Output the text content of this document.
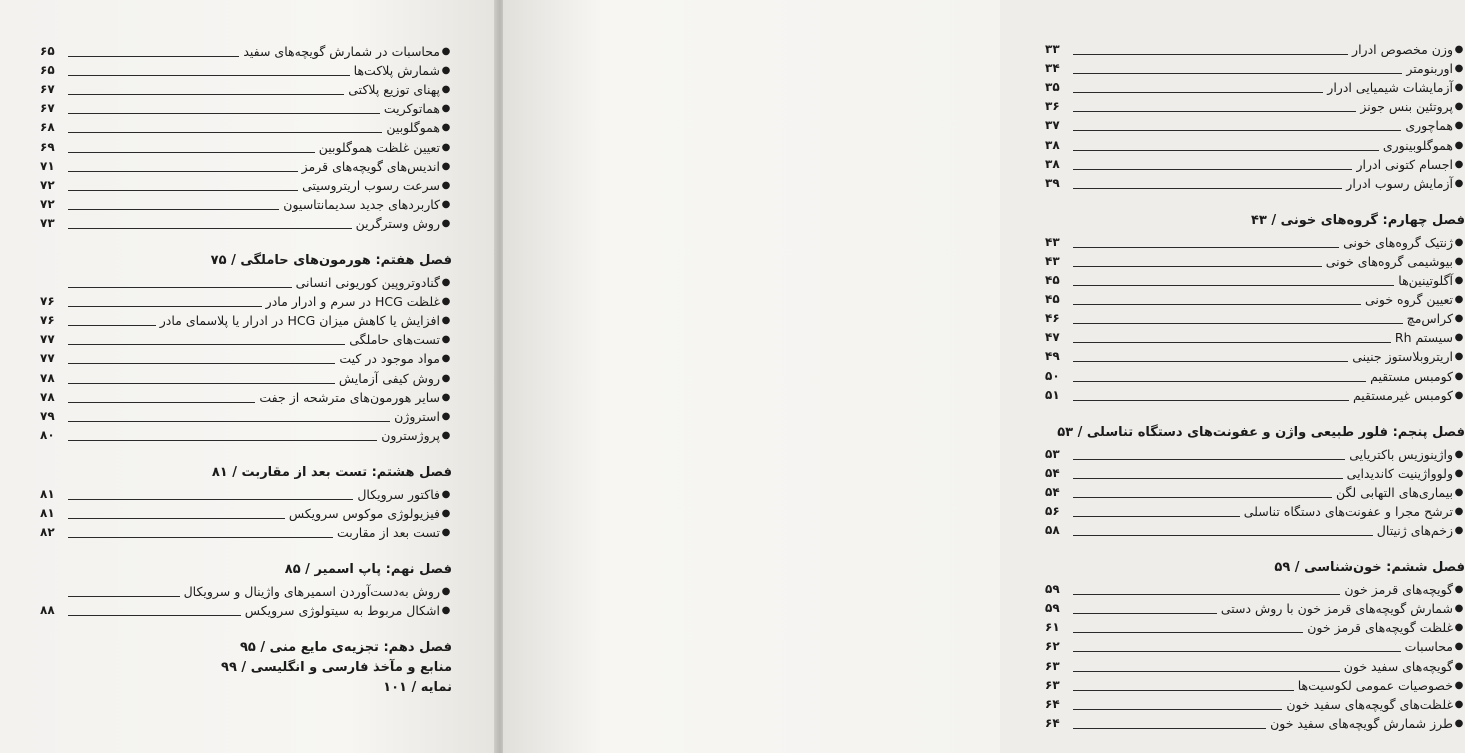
●
محاسبات در شمارش گویچه‌های سفید
۶۵
●
شمارش پلاکت‌ها
۶۵
●
پهنای توزیع پلاکتی
۶۷
●
هماتوکریت
۶۷
●
هموگلوبین
۶۸
●
تعیین غلظت هموگلوبین
۶۹
●
اندیس‌های گویچه‌های قرمز
۷۱
●
سرعت رسوب اریتروسیتی
۷۲
●
کاربردهای جدید سدیمانتاسیون
۷۲
●
روش وسترگرین
۷۳
فصل هفتم: هورمون‌های حاملگی / ۷۵
●
گنادوتروپین کوریونی انسانی
●
غلظت HCG در سرم و ادرار مادر
۷۶
●
افزایش یا کاهش میزان HCG در ادرار یا پلاسمای مادر
۷۶
●
تست‌های حاملگی
۷۷
●
مواد موجود در کیت
۷۷
●
روش کیفی آزمایش
۷۸
●
سایر هورمون‌های مترشحه از جفت
۷۸
●
استروژن
۷۹
●
پروژسترون
۸۰
فصل هشتم: تست بعد از مقاربت / ۸۱
●
فاکتور سرویکال
۸۱
●
فیزیولوژی موکوس سرویکس
۸۱
●
تست بعد از مقاربت
۸۲
فصل نهم: پاپ اسمیر / ۸۵
●
روش به‌دست‌آوردن اسمیرهای واژینال و سرویکال
●
اشکال مربوط به سیتولوژی سرویکس
۸۸
فصل دهم: تجزیه‌ی مایع منی / ۹۵
منابع و مآخذ فارسی و انگلیسی / ۹۹
نمایه / ۱۰۱
●
وزن مخصوص ادرار
۳۳
●
اوربنومتر
۳۴
●
آزمایشات شیمیایی ادرار
۳۵
●
پروتئین بنس جونز
۳۶
●
هماچوری
۳۷
●
هموگلوبینوری
۳۸
●
اجسام کتونی ادرار
۳۸
●
آزمایش رسوب ادرار
۳۹
فصل چهارم: گروه‌های خونی / ۴۳
●
ژنتیک گروه‌های خونی
۴۳
●
بیوشیمی گروه‌های خونی
۴۳
●
آگلوتینین‌ها
۴۵
●
تعیین گروه خونی
۴۵
●
کراس‌مچ
۴۶
●
سیستم Rh
۴۷
●
اریتروبلاستوز جنینی
۴۹
●
کومبس مستقیم
۵۰
●
کومبس غیرمستقیم
۵۱
فصل پنجم: فلور طبیعی واژن و عفونت‌های دستگاه تناسلی / ۵۳
●
واژینوزیس باکتریایی
۵۳
●
ولوواژینیت کاندیدایی
۵۴
●
بیماری‌های التهابی لگن
۵۴
●
ترشح مجرا و عفونت‌های دستگاه تناسلی
۵۶
●
زخم‌های ژنیتال
۵۸
فصل ششم: خون‌شناسی / ۵۹
●
گویچه‌های قرمز خون
۵۹
●
شمارش گویچه‌های قرمز خون با روش دستی
۵۹
●
غلظت گویچه‌های قرمز خون
۶۱
●
محاسبات
۶۲
●
گویچه‌های سفید خون
۶۳
●
خصوصیات عمومی لکوسیت‌ها
۶۳
●
غلظت‌های گویچه‌های سفید خون
۶۴
●
طرز شمارش گویچه‌های سفید خون
۶۴
